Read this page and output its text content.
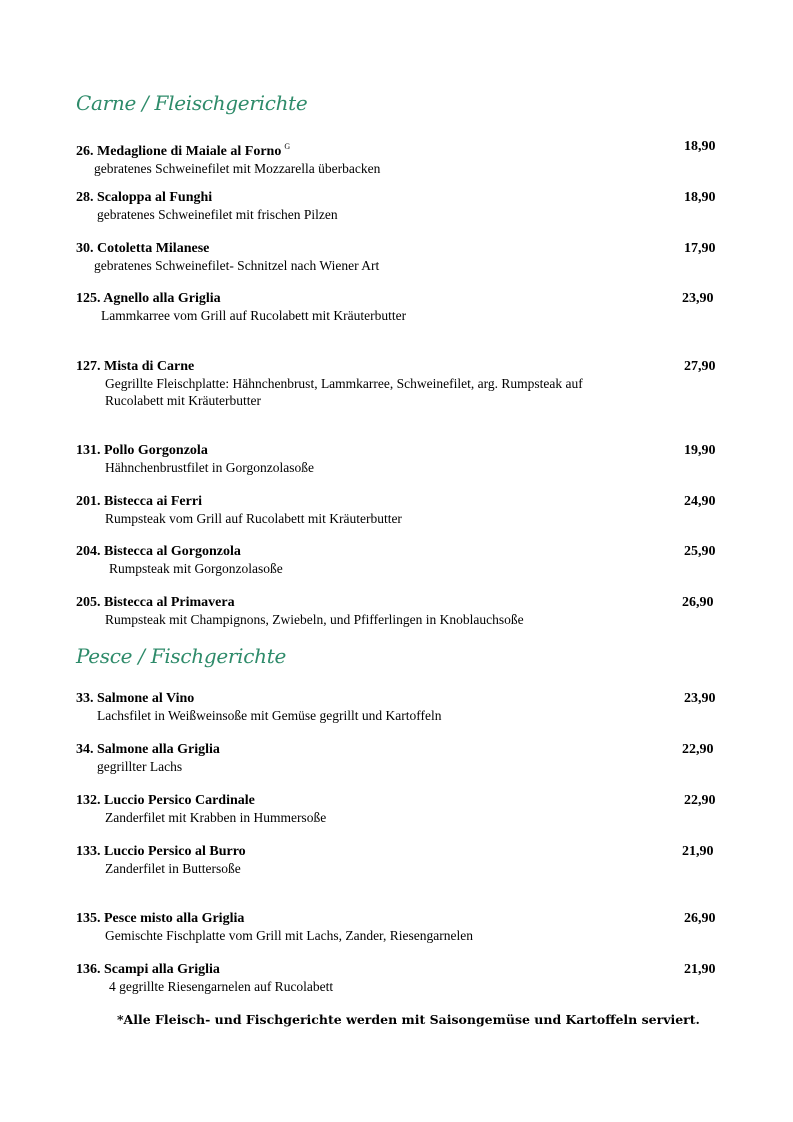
Carne / Fleischgerichte
26. Medaglione di Maiale al Forno $^G$
gebratenes Schweinefilet mit Mozzarella überbacken
18,90
28. Scaloppa al Funghi
gebratenes Schweinefilet mit frischen Pilzen
18,90
30. Cotoletta Milanese
gebratenes Schweinefilet- Schnitzel nach Wiener Art
17,90
125. Agnello alla Griglia
Lammkarree vom Grill auf Rucolabett mit Kräuterbutter
23,90
127. Mista di Carne
Gegrillte Fleischplatte: Hähnchenbrust, Lammkarree, Schweinefilet, arg. Rumpsteak auf
Rucolabett mit Kräuterbutter
27,90
131. Pollo Gorgonzola
Hähnchenbrustfilet in Gorgonzolasoße
19,90
201. Bistecca ai Ferri
Rumpsteak vom Grill auf Rucolabett mit Kräuterbutter
24,90
204. Bistecca al Gorgonzola
Rumpsteak mit Gorgonzolasoße
25,90
205. Bistecca al Primavera
Rumpsteak mit Champignons, Zwiebeln, und Pfifferlingen in Knoblauchsoße
26,90
Pesce / Fischgerichte
33. Salmone al Vino
Lachsfilet in Weißweinsoße mit Gemüse gegrillt und Kartoffeln
23,90
34. Salmone alla Griglia
gegrillter Lachs
22,90
132. Luccio Persico Cardinale
Zanderfilet mit Krabben in Hummersoße
22,90
133. Luccio Persico al Burro
Zanderfilet in Buttersoße
21,90
135. Pesce misto alla Griglia
Gemischte Fischplatte vom Grill mit Lachs, Zander, Riesengarnelen
26,90
136. Scampi alla Griglia
4 gegrillte Riesengarnelen auf Rucolabett
21,90

*Alle Fleisch- und Fischgerichte werden mit Saisongemüse und Kartoffeln serviert.
